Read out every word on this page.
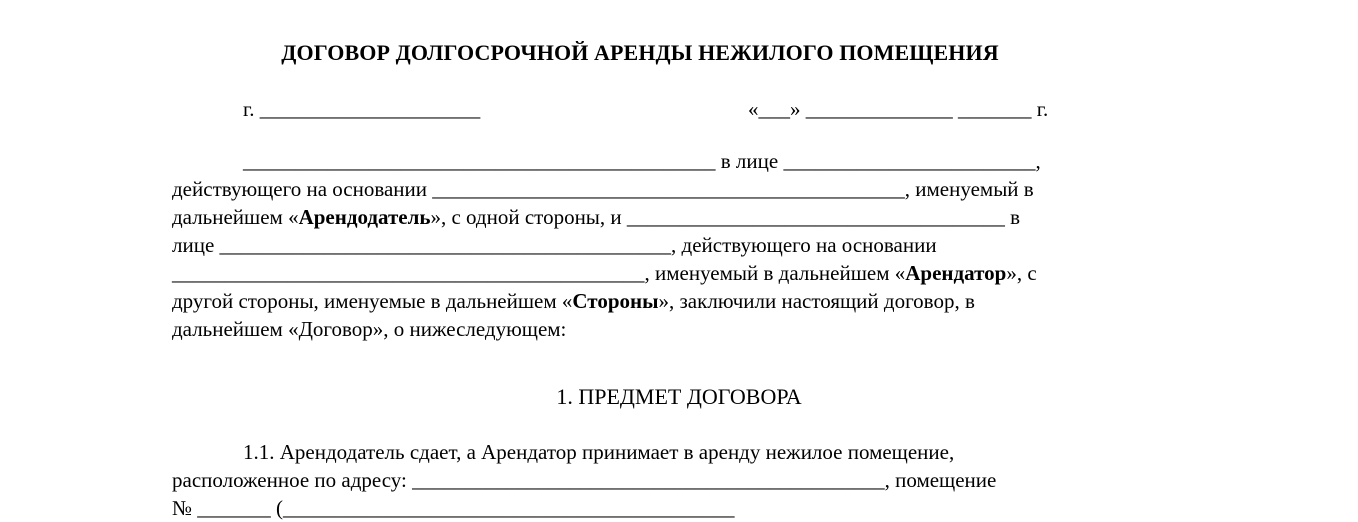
ДОГОВОР ДОЛГОСРОЧНОЙ АРЕНДЫ НЕЖИЛОГО ПОМЕЩЕНИЯ
г. _____________________	«___» ______________ _______ г.
_____________________________________________ в лице ________________________,
действующего на основании _____________________________________________, именуемый в
дальнейшем «Арендодатель», с одной стороны, и ____________________________________ в
лице ___________________________________________, действующего на основании
_____________________________________________, именуемый в дальнейшем «Арендатор», с
другой стороны, именуемые в дальнейшем «Стороны», заключили настоящий договор, в
дальнейшем «Договор», о нижеследующем:
1. ПРЕДМЕТ ДОГОВОРА
1.1. Арендодатель сдает, а Арендатор принимает в аренду нежилое помещение,
расположенное по адресу: _____________________________________________, помещение
№ _______ (___________________________________________
